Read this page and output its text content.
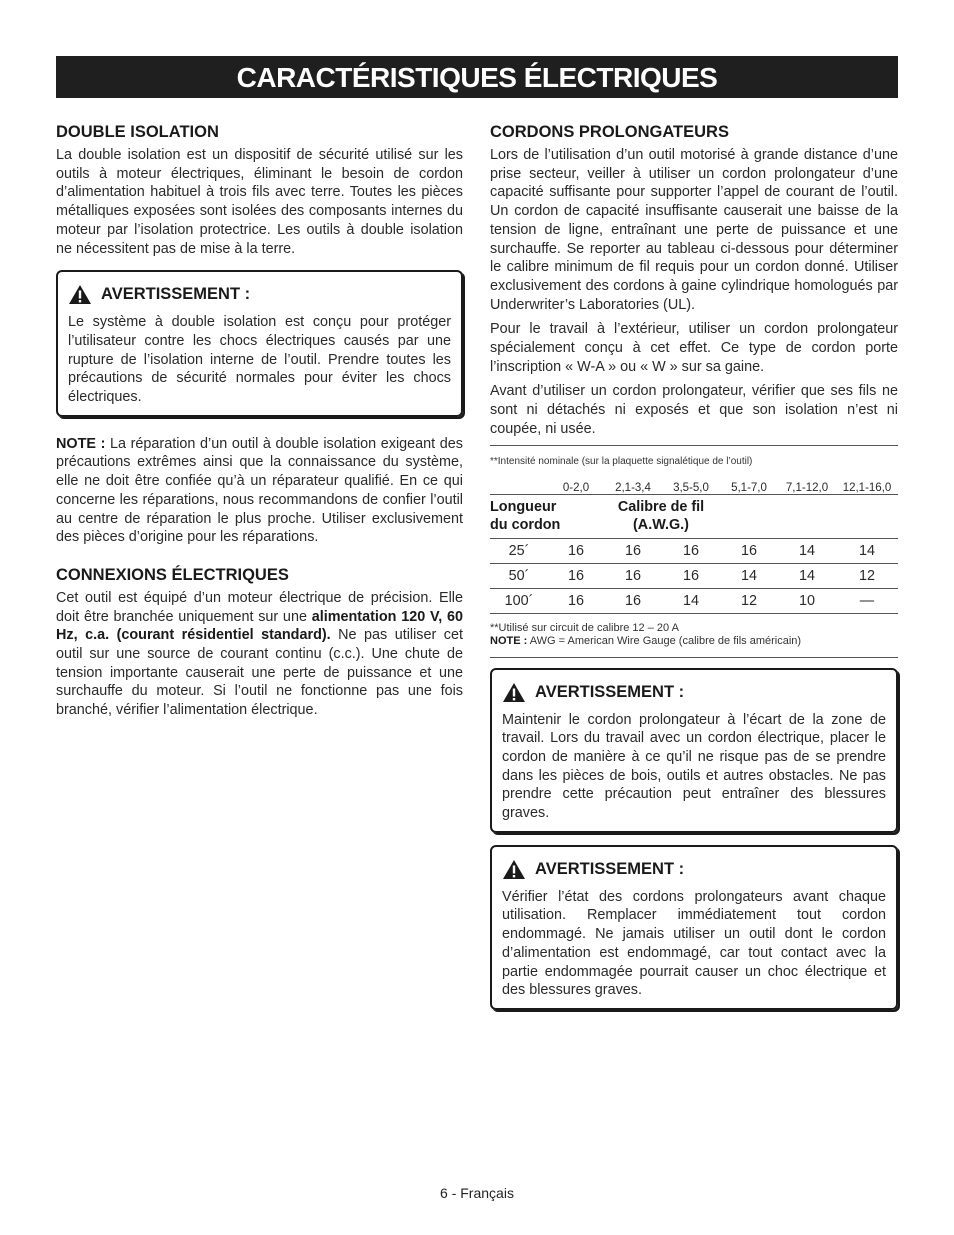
CARACTÉRISTIQUES ÉLECTRIQUES
DOUBLE ISOLATION

La double isolation est un dispositif de sécurité utilisé sur les outils à moteur électriques, éliminant le besoin de cordon d’alimentation habituel à trois fils avec terre. Toutes les pièces métalliques exposées sont isolées des composants internes du moteur par l’isolation protectrice. Les outils à double isolation ne nécessitent pas de mise à la terre.

AVERTISSEMENT :

Le système à double isolation est conçu pour protéger l’utilisateur contre les chocs électriques causés par une rupture de l’isolation interne de l’outil. Prendre toutes les précautions de sécurité normales pour éviter les chocs électriques.

NOTE : La réparation d’un outil à double isolation exigeant des précautions extrêmes ainsi que la connaissance du système, elle ne doit être confiée qu’à un réparateur qualifié. En ce qui concerne les réparations, nous recommandons de confier l’outil au centre de réparation le plus proche. Utiliser exclusivement des pièces d’origine pour les réparations.

CONNEXIONS ÉLECTRIQUES

Cet outil est équipé d’un moteur électrique de précision. Elle doit être branchée uniquement sur une alimentation 120 V, 60 Hz, c.a. (courant résidentiel standard). Ne pas utiliser cet outil sur une source de courant continu (c.c.). Une chute de tension importante causerait une perte de puissance et une surchauffe du moteur. Si l’outil ne fonctionne pas une fois branché, vérifier l’alimentation électrique.

CORDONS PROLONGATEURS

Lors de l’utilisation d’un outil motorisé à grande distance d’une prise secteur, veiller à utiliser un cordon prolongateur d’une capacité suffisante pour supporter l’appel de courant de l’outil. Un cordon de capacité insuffisante causerait une baisse de la tension de ligne, entraînant une perte de puissance et une surchauffe. Se reporter au tableau ci-dessous pour déterminer le calibre minimum de fil requis pour un cordon donné. Utiliser exclusivement des cordons à gaine cylindrique homologués par Underwriter’s Laboratories (UL).

Pour le travail à l’extérieur, utiliser un cordon prolongateur spécialement conçu à cet effet. Ce type de cordon porte l’inscription « W-A » ou « W » sur sa gaine.

Avant d’utiliser un cordon prolongateur, vérifier que ses fils ne sont ni détachés ni exposés et que son isolation n’est ni coupée, ni usée.

**Intensité nominale (sur la plaquette signalétique de l’outil)
	0-2,0	2,1-3,4	3,5-5,0	5,1-7,0	7,1-12,0	12,1-16,0
Longueur du cordon		Calibre de fil (A.W.G.)				
25´	16	16	16	16	14	14
50´	16	16	16	14	14	12
100´	16	16	14	12	10	—
**Utilisé sur circuit de calibre 12 – 20 A
NOTE : AWG = American Wire Gauge (calibre de fils américain)
AVERTISSEMENT :

Maintenir le cordon prolongateur à l’écart de la zone de travail. Lors du travail avec un cordon électrique, placer le cordon de manière à ce qu’il ne risque pas de se prendre dans les pièces de bois, outils et autres obstacles. Ne pas prendre cette précaution peut entraîner des blessures graves.

AVERTISSEMENT :

Vérifier l’état des cordons prolongateurs avant chaque utilisation. Remplacer immédiatement tout cordon endommagé. Ne jamais utiliser un outil dont le cordon d’alimentation est endommagé, car tout contact avec la partie endommagée pourrait causer un choc électrique et des blessures graves.

6 - Français
